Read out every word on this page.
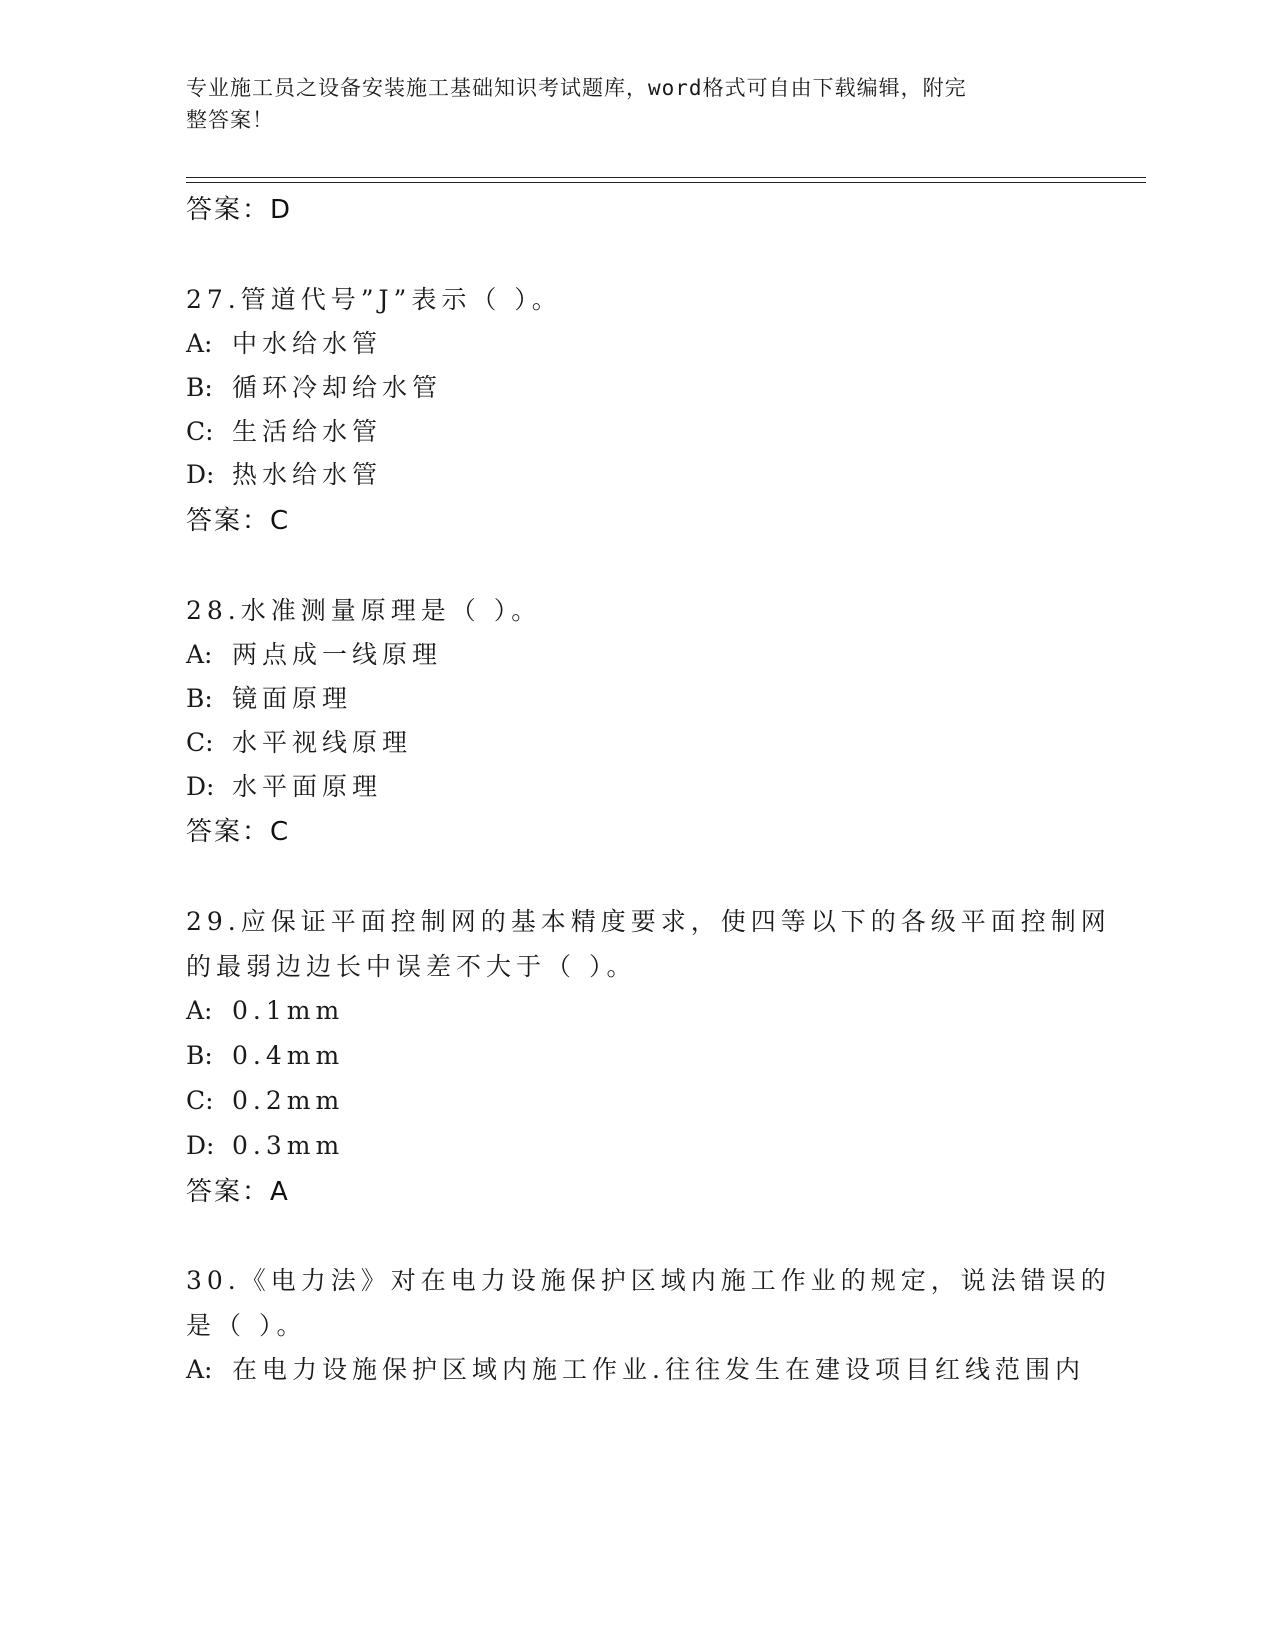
专业施工员之设备安装施工基础知识考试题库，word格式可自由下载编辑，附完
整答案！
答案：D
27.管道代号”J”表示（ ）。
A: 中水给水管
B: 循环冷却给水管
C: 生活给水管
D: 热水给水管
答案：C
28.水准测量原理是（ ）。
A: 两点成一线原理
B: 镜面原理
C: 水平视线原理
D: 水平面原理
答案：C
29.应保证平面控制网的基本精度要求，使四等以下的各级平面控制网
的最弱边边长中误差不大于（ ）。
A: 0.1mm
B: 0.4mm
C: 0.2mm
D: 0.3mm
答案：A
30.《电力法》对在电力设施保护区域内施工作业的规定，说法错误的
是（ ）。
A: 在电力设施保护区域内施工作业.往往发生在建设项目红线范围内
